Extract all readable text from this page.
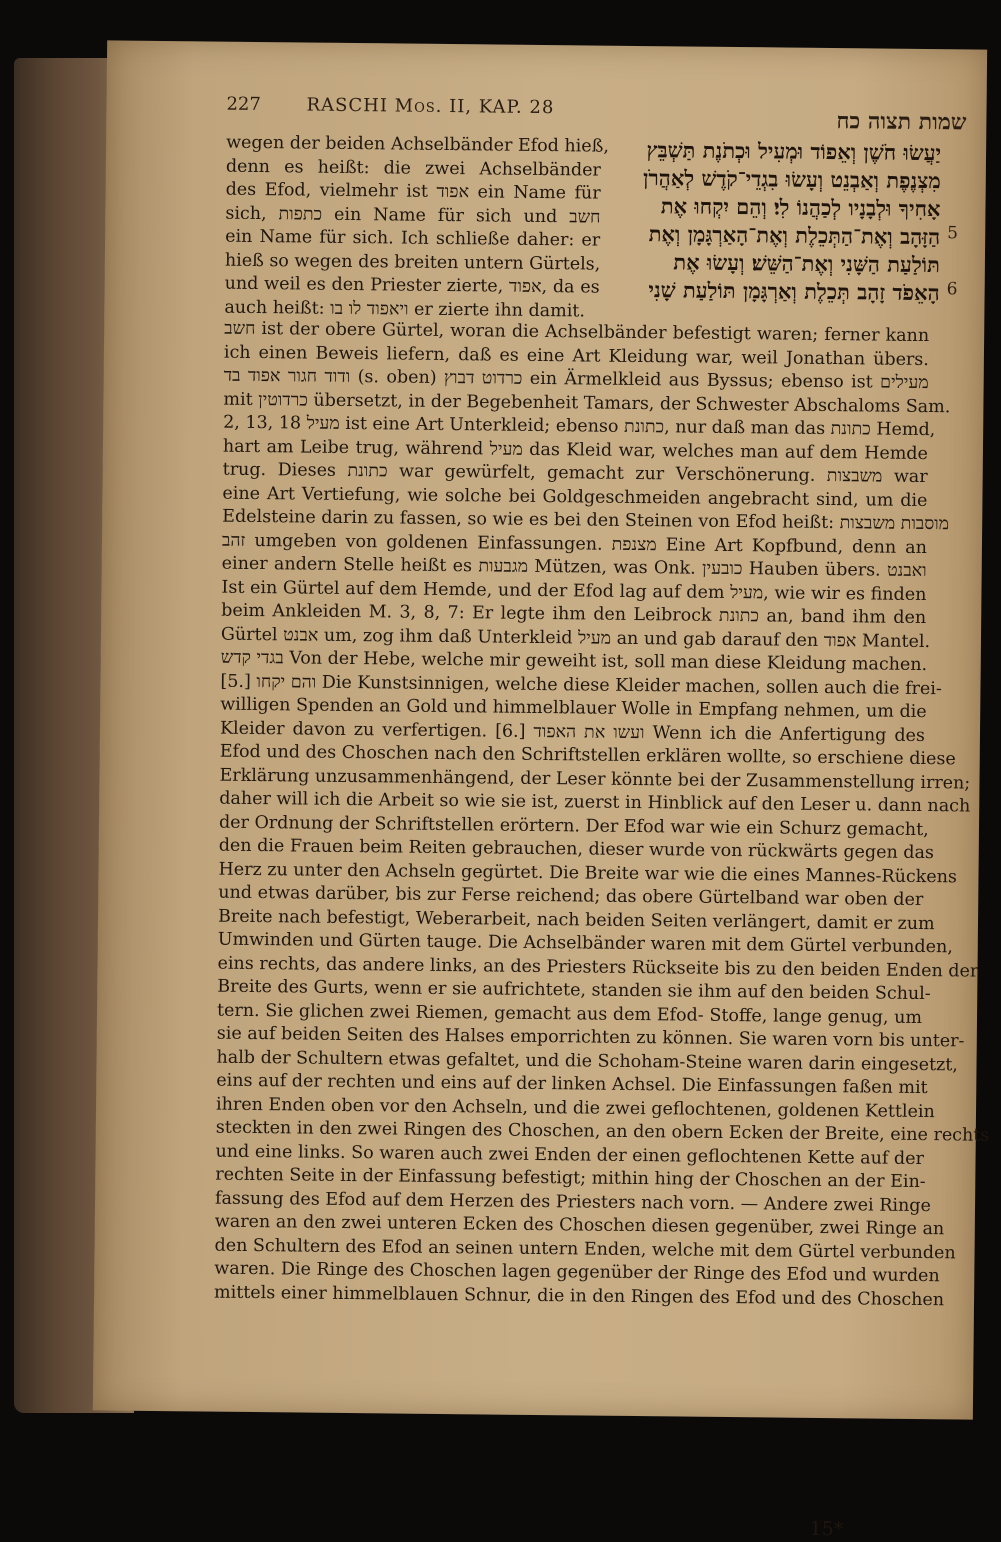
227	RASCHI Mos. II, KAP. 28
שמות תצוה כח
יַעֲשׂוּ חֹשֶׁן וְאֵפוֹד וּמְעִיל וּכְתֹנֶת תַּשְׁבֵּץ
מִצְנֶפֶת וְאַבְנֵט וְעָשׂוּ בִגְדֵי־קֹדֶשׁ לְאַהֲרֹן
אָחִיךָ וּלְבָנָיו לְכַהֲנוֹ לִי׃ וְהֵם יִקְחוּ אֶת
הַזָּהָב וְאֶת־הַתְּכֵלֶת וְאֶת־הָאַרְגָּמָן וְאֶת
תּוֹלַעַת הַשָּׁנִי וְאֶת־הַשֵּׁשׁ׃ וְעָשׂוּ אֶת
הָאֵפֹד זָהָב תְּכֵלֶת וְאַרְגָּמָן תּוֹלַעַת שָׁנִי
5
6
wegen der beiden Achselbänder Efod hieß,
denn es heißt: die zwei Achselbänder
des Efod, vielmehr ist אפוד ein Name für
sich, כתפות ein Name für sich und חשב
ein Name für sich. Ich schließe daher: er
hieß so wegen des breiten untern Gürtels,
und weil es den Priester zierte, אפוד, da es
auch heißt: ויאפוד לו בו er zierte ihn damit.
חשב ist der obere Gürtel, woran die Achselbänder befestigt waren; ferner kann
ich einen Beweis liefern, daß es eine Art Kleidung war, weil Jonathan übers.
ודוד חגור אפוד בד (s. oben) כרדוט דבוץ ein Ärmelkleid aus Byssus; ebenso ist מעילים
mit כרדוטין übersetzt, in der Begebenheit Tamars, der Schwester Abschaloms Sam.
2, 13, 18 מעיל ist eine Art Unterkleid; ebenso כתונת, nur daß man das כתונת Hemd,
hart am Leibe trug, während מעיל das Kleid war, welches man auf dem Hemde
trug. Dieses כתונת war gewürfelt, gemacht zur Verschönerung. משבצות war
eine Art Vertiefung, wie solche bei Goldgeschmeiden angebracht sind, um die
Edelsteine darin zu fassen, so wie es bei den Steinen von Efod heißt: מוסבות משבצות
זהב umgeben von goldenen Einfassungen. מצנפת Eine Art Kopfbund, denn an
einer andern Stelle heißt es מגבעות Mützen, was Onk. כובעין Hauben übers. ואבנט
Ist ein Gürtel auf dem Hemde, und der Efod lag auf dem מעיל, wie wir es finden
beim Ankleiden M. 3, 8, 7: Er legte ihm den Leibrock כתונת an, band ihm den
Gürtel אבנט um, zog ihm daß Unterkleid מעיל an und gab darauf den אפוד Mantel.
בגדי קדש Von der Hebe, welche mir geweiht ist, soll man diese Kleidung machen.
[5.] והם יקחו Die Kunstsinnigen, welche diese Kleider machen, sollen auch die frei-
willigen Spenden an Gold und himmelblauer Wolle in Empfang nehmen, um die
Kleider davon zu verfertigen. [6.] ועשו את האפוד Wenn ich die Anfertigung des
Efod und des Choschen nach den Schriftstellen erklären wollte, so erschiene diese
Erklärung unzusammenhängend, der Leser könnte bei der Zusammenstellung irren;
daher will ich die Arbeit so wie sie ist, zuerst in Hinblick auf den Leser u. dann nach
der Ordnung der Schriftstellen erörtern. Der Efod war wie ein Schurz gemacht,
den die Frauen beim Reiten gebrauchen, dieser wurde von rückwärts gegen das
Herz zu unter den Achseln gegürtet. Die Breite war wie die eines Mannes-Rückens
und etwas darüber, bis zur Ferse reichend; das obere Gürtelband war oben der
Breite nach befestigt, Weberarbeit, nach beiden Seiten verlängert, damit er zum
Umwinden und Gürten tauge. Die Achselbänder waren mit dem Gürtel verbunden,
eins rechts, das andere links, an des Priesters Rückseite bis zu den beiden Enden der
Breite des Gurts, wenn er sie aufrichtete, standen sie ihm auf den beiden Schul-
tern. Sie glichen zwei Riemen, gemacht aus dem Efod- Stoffe, lange genug, um
sie auf beiden Seiten des Halses emporrichten zu können. Sie waren vorn bis unter-
halb der Schultern etwas gefaltet, und die Schoham-Steine waren darin eingesetzt,
eins auf der rechten und eins auf der linken Achsel. Die Einfassungen faßen mit
ihren Enden oben vor den Achseln, und die zwei geflochtenen, goldenen Kettlein
steckten in den zwei Ringen des Choschen, an den obern Ecken der Breite, eine rechts
und eine links. So waren auch zwei Enden der einen geflochtenen Kette auf der
rechten Seite in der Einfassung befestigt; mithin hing der Choschen an der Ein-
fassung des Efod auf dem Herzen des Priesters nach vorn. — Andere zwei Ringe
waren an den zwei unteren Ecken des Choschen diesen gegenüber, zwei Ringe an
den Schultern des Efod an seinen untern Enden, welche mit dem Gürtel verbunden
waren. Die Ringe des Choschen lagen gegenüber der Ringe des Efod und wurden
mittels einer himmelblauen Schnur, die in den Ringen des Efod und des Choschen
15*
